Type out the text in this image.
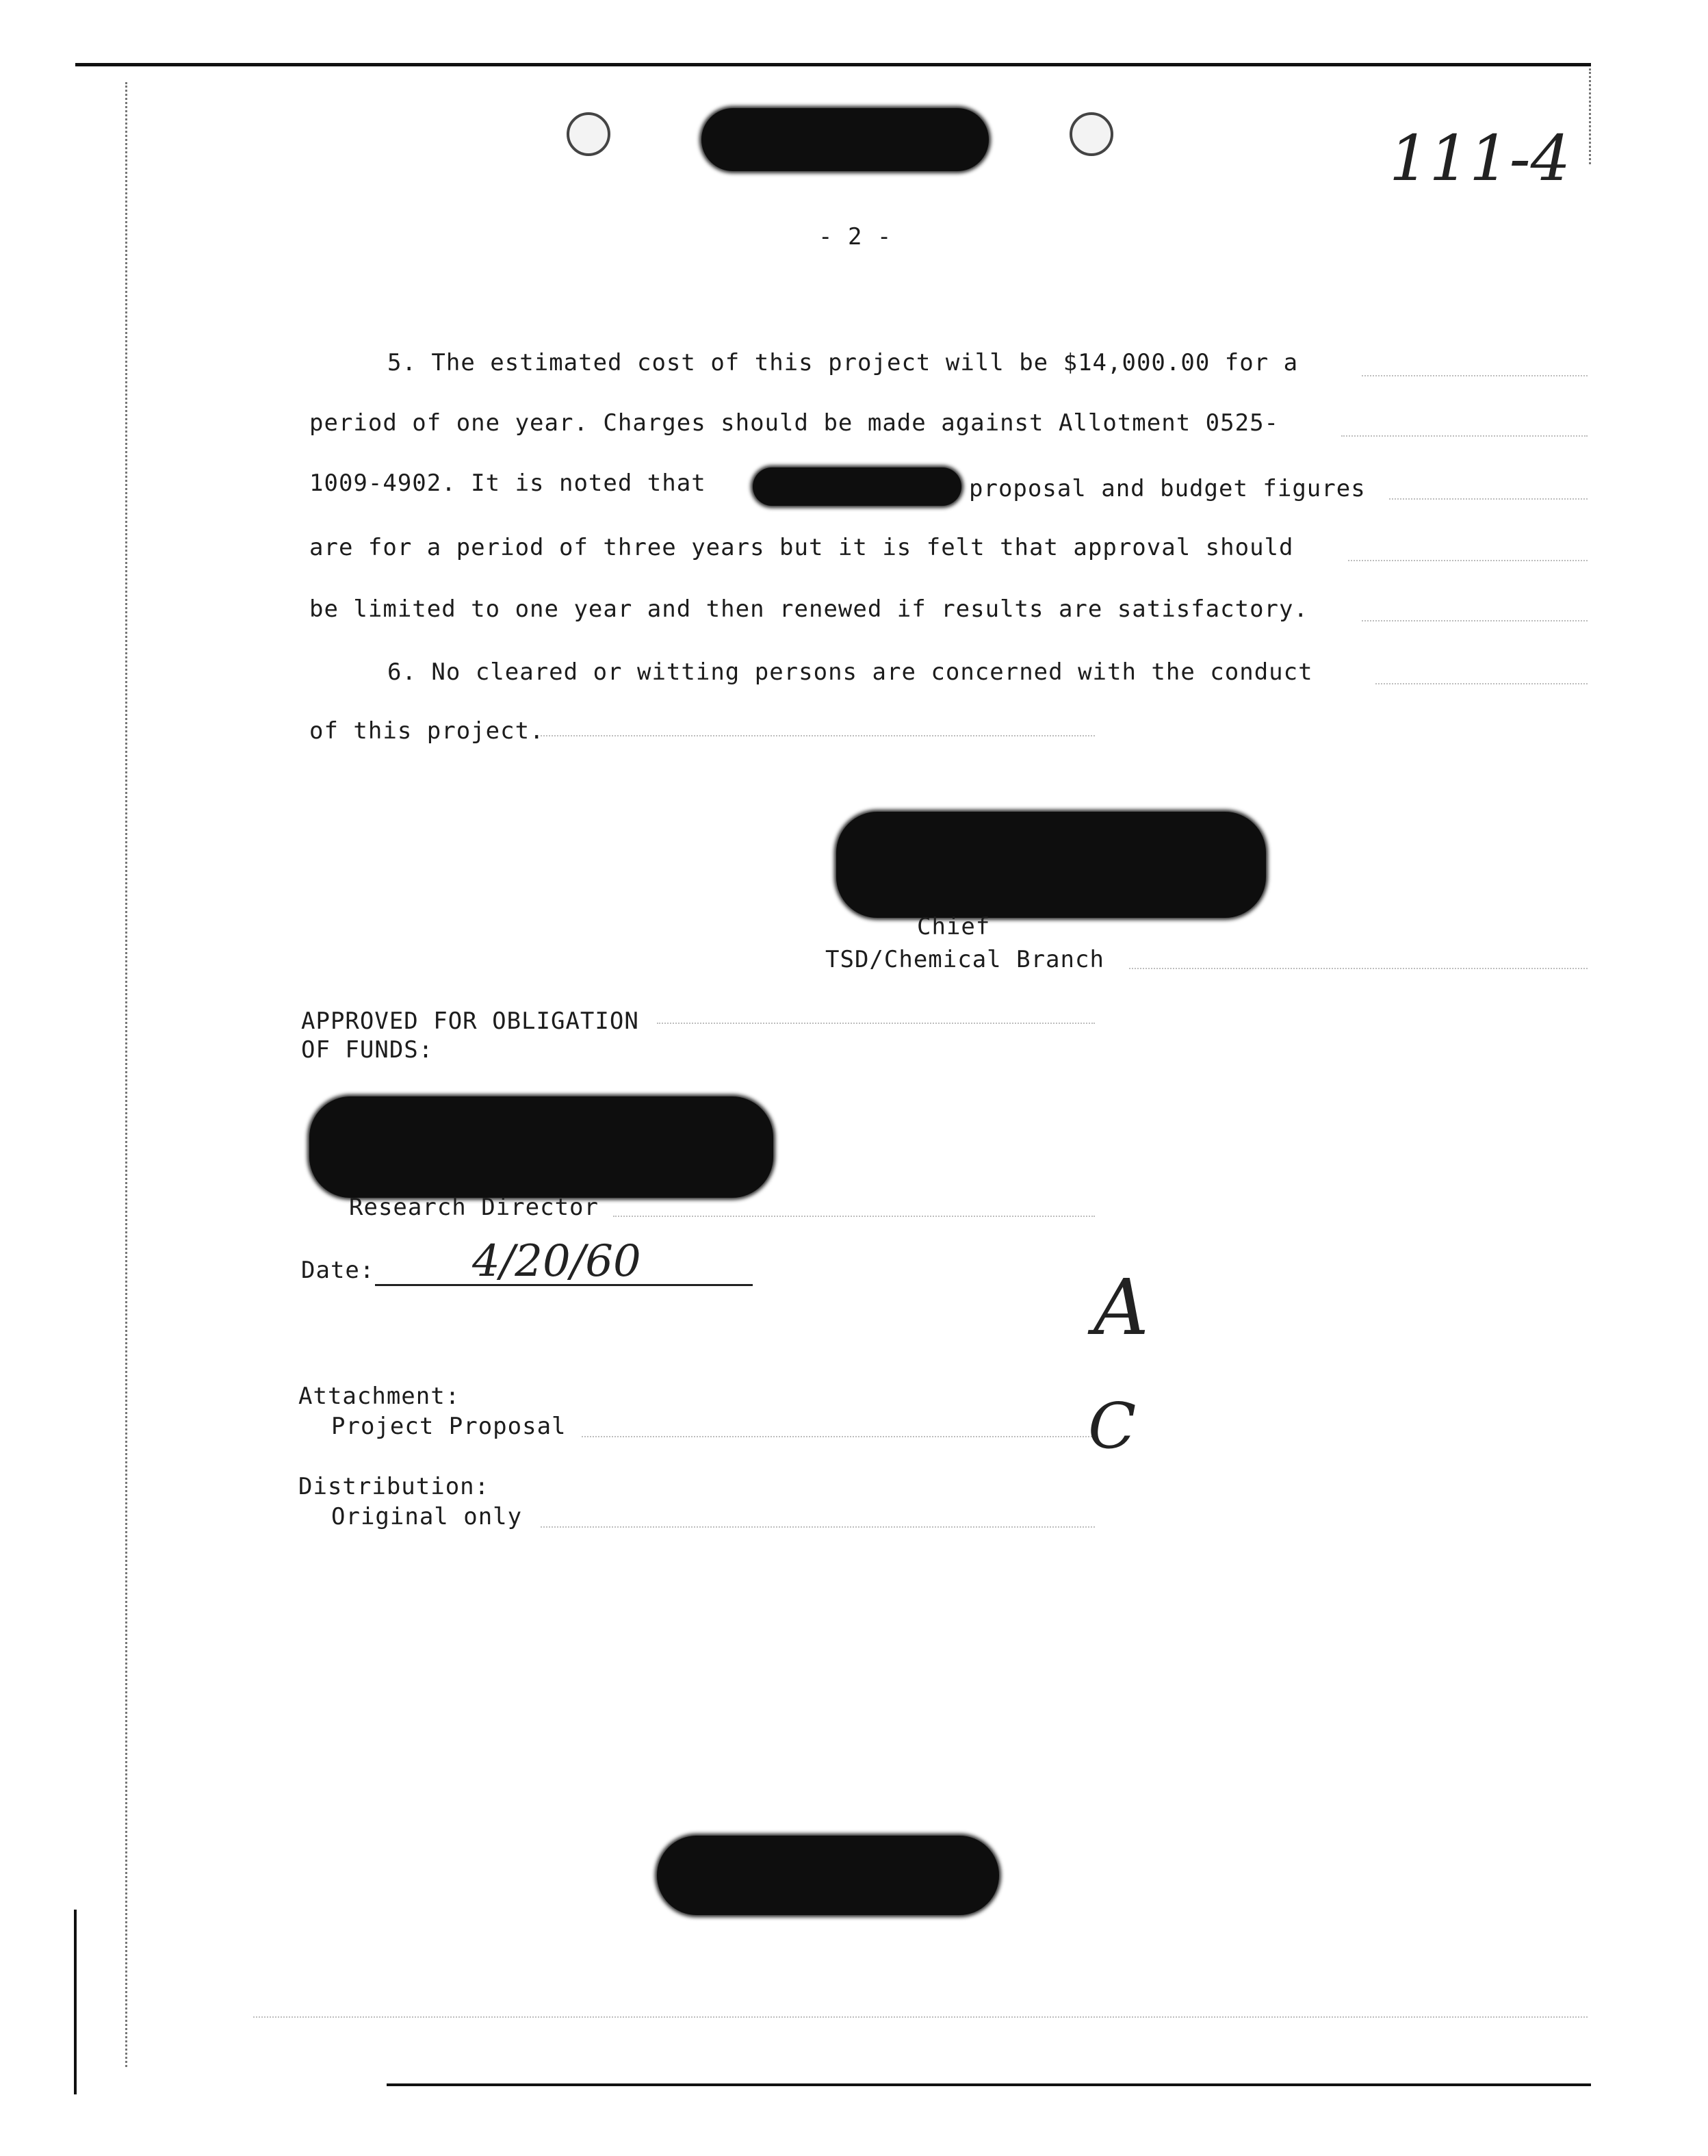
111-4
- 2 -
5. The estimated cost of this project will be $14,000.00 for a
period of one year. Charges should be made against Allotment 0525-
1009-4902. It is noted that	proposal and budget figures
are for a period of three years but it is felt that approval should
be limited to one year and then renewed if results are satisfactory.
6. No cleared or witting persons are concerned with the conduct
of this project.
Chief
TSD/Chemical Branch
APPROVED FOR OBLIGATION
OF FUNDS:
Research Director
Date: 4/20/60
A
Attachment:
Project Proposal	C
Distribution:
Original only
